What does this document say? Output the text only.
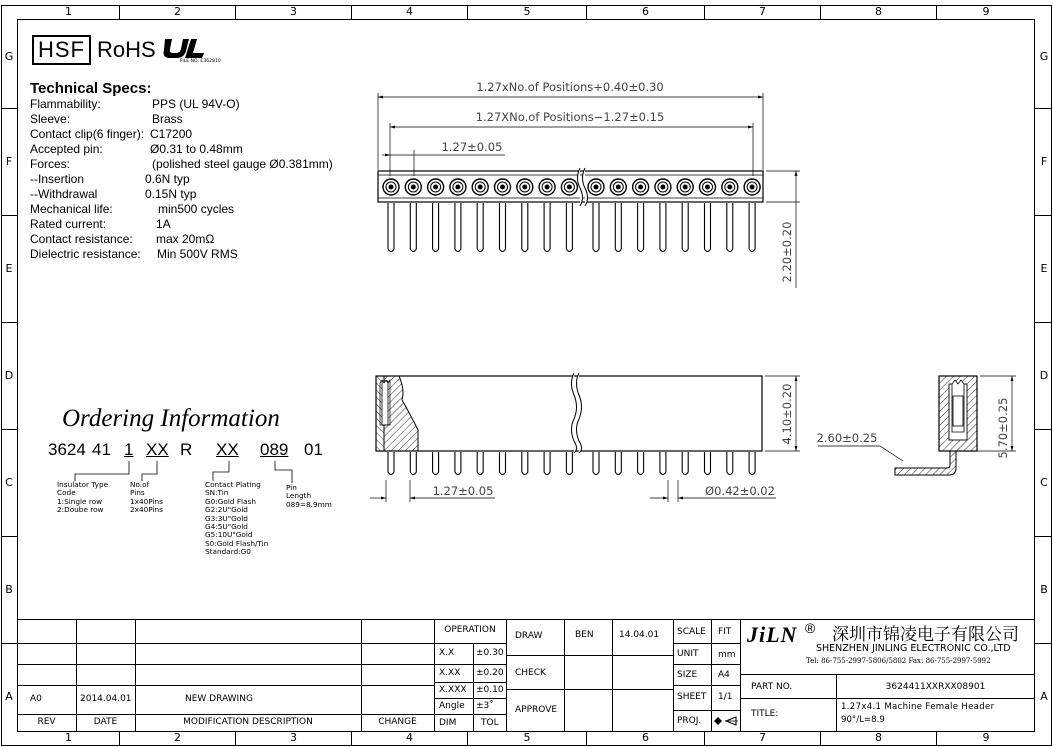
1	2	3	4	5	6	7	8	9
1	2	3	4	5	6	7	8	9
G
F
E
D
C
B
A
G
F
E
D
C
B
A
HSF RoHS	FILE NO. E362810
Technical Specs:
Flammability:	PPS (UL 94V-O)
Sleeve:	Brass
Contact clip(6 finger): C17200
Accepted pin:	Ø0.31 to 0.48mm
Forces:	(polished steel gauge Ø0.381mm)
--Insertion	0.6N typ
--Withdrawal	0.15N typ
Mechanical life:	min500 cycles
Rated current:	1A
Contact resistance: max 20mΩ
Dielectric resistance: Min 500V RMS
Ordering Information
3624 41 1 XX R XX 089 01
Insulator Type
Code
1:Single row
2:Doube row
No.of
Pins
1x40Pins
2x40Pins
Contact Plating
SN:Tin
G0:Gold Flash
G2:2U"Gold
G3:3U"Gold
G4:5U"Gold
G5:10U"Gold
S0:Gold Flash/Tin
Standard:G0
Pin
Length
089=8.9mm
1.27xNo.of Positions+0.40±0.30
1.27XNo.of Positions−1.27±0.15
1.27±0.05
2.20±0.20
4.10±0.20
1.27±0.05	Ø0.42±0.02
5.70±0.25
2.60±0.25
REV	DATE	MODIFICATION DESCRIPTION	CHANGE
A0	2014.04.01	NEW DRAWING
OPERATION
X.X ±0.30
X.XX ±0.20
X.XXX ±0.10
Angle ±3˚
DIM	TOL
DRAW	BEN	14.04.01
CHECK
APPROVE
SCALE FIT
UNIT mm
SIZE A4
SHEET 1/1
PROJ.
JiLN ® 深圳市锦凌电子有限公司
SHENZHEN JINLING ELECTRONIC CO.,LTD
Tel: 86-755-2997-5806/5802 Fax: 86-755-2997-5992
PART NO.	3624411XXRXX08901
TITLE:
1.27x4.1 Machine Female Header
90°/L=8.9
